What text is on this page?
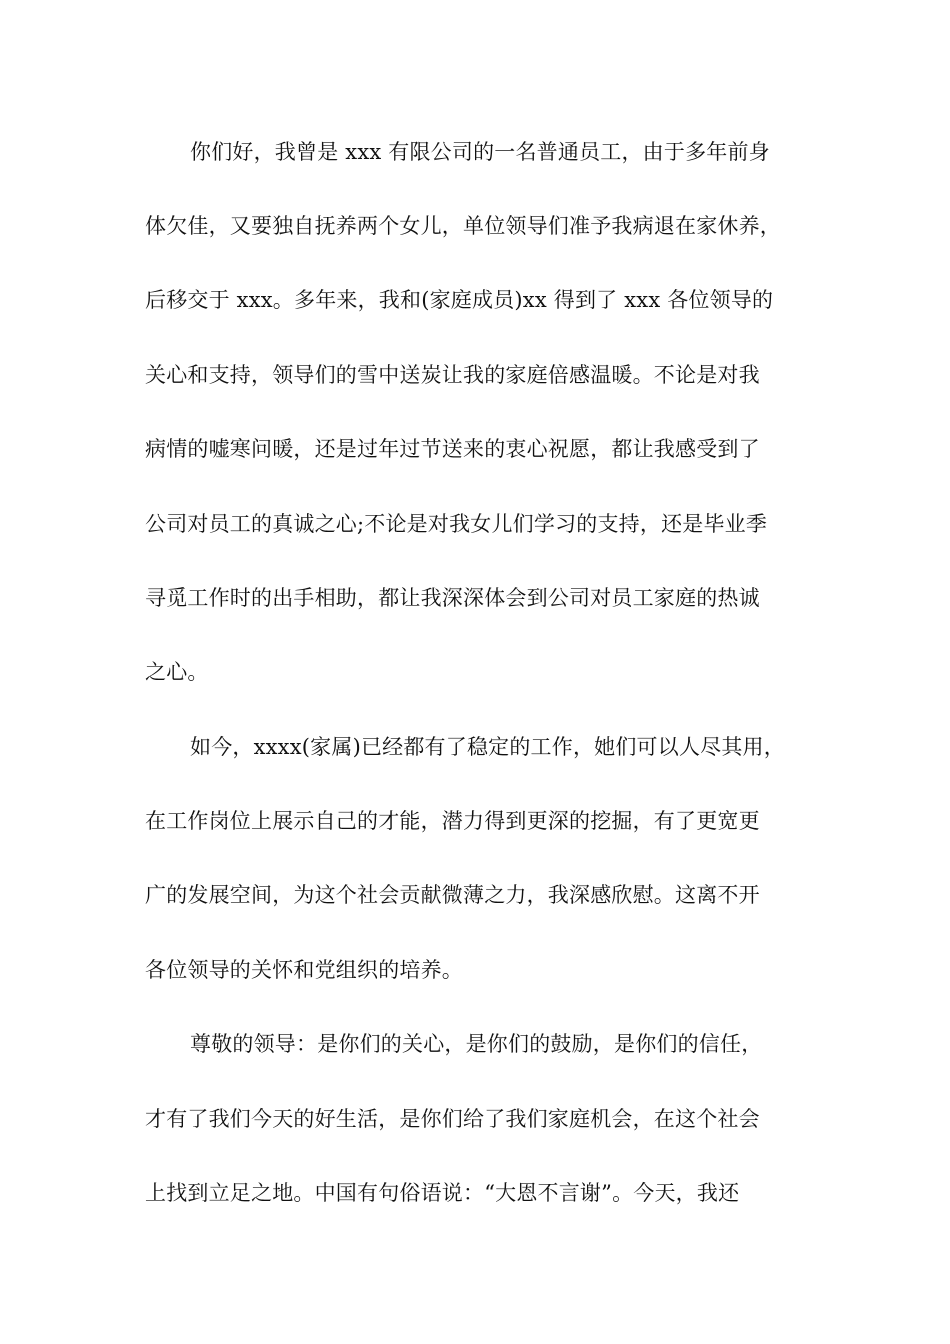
你们好，我曾是 xxx 有限公司的一名普通员工，由于多年前身
体欠佳，又要独自抚养两个女儿，单位领导们准予我病退在家休养，
后移交于 xxx。多年来，我和(家庭成员)xx 得到了 xxx 各位领导的
关心和支持，领导们的雪中送炭让我的家庭倍感温暖。不论是对我
病情的嘘寒问暖，还是过年过节送来的衷心祝愿，都让我感受到了
公司对员工的真诚之心;不论是对我女儿们学习的支持，还是毕业季
寻觅工作时的出手相助，都让我深深体会到公司对员工家庭的热诚
之心。
如今，xxxx(家属)已经都有了稳定的工作，她们可以人尽其用，
在工作岗位上展示自己的才能，潜力得到更深的挖掘，有了更宽更
广的发展空间，为这个社会贡献微薄之力，我深感欣慰。这离不开
各位领导的关怀和党组织的培养。
尊敬的领导：是你们的关心，是你们的鼓励，是你们的信任，
才有了我们今天的好生活，是你们给了我们家庭机会，在这个社会
上找到立足之地。中国有句俗语说：“大恩不言谢”。今天，我还
